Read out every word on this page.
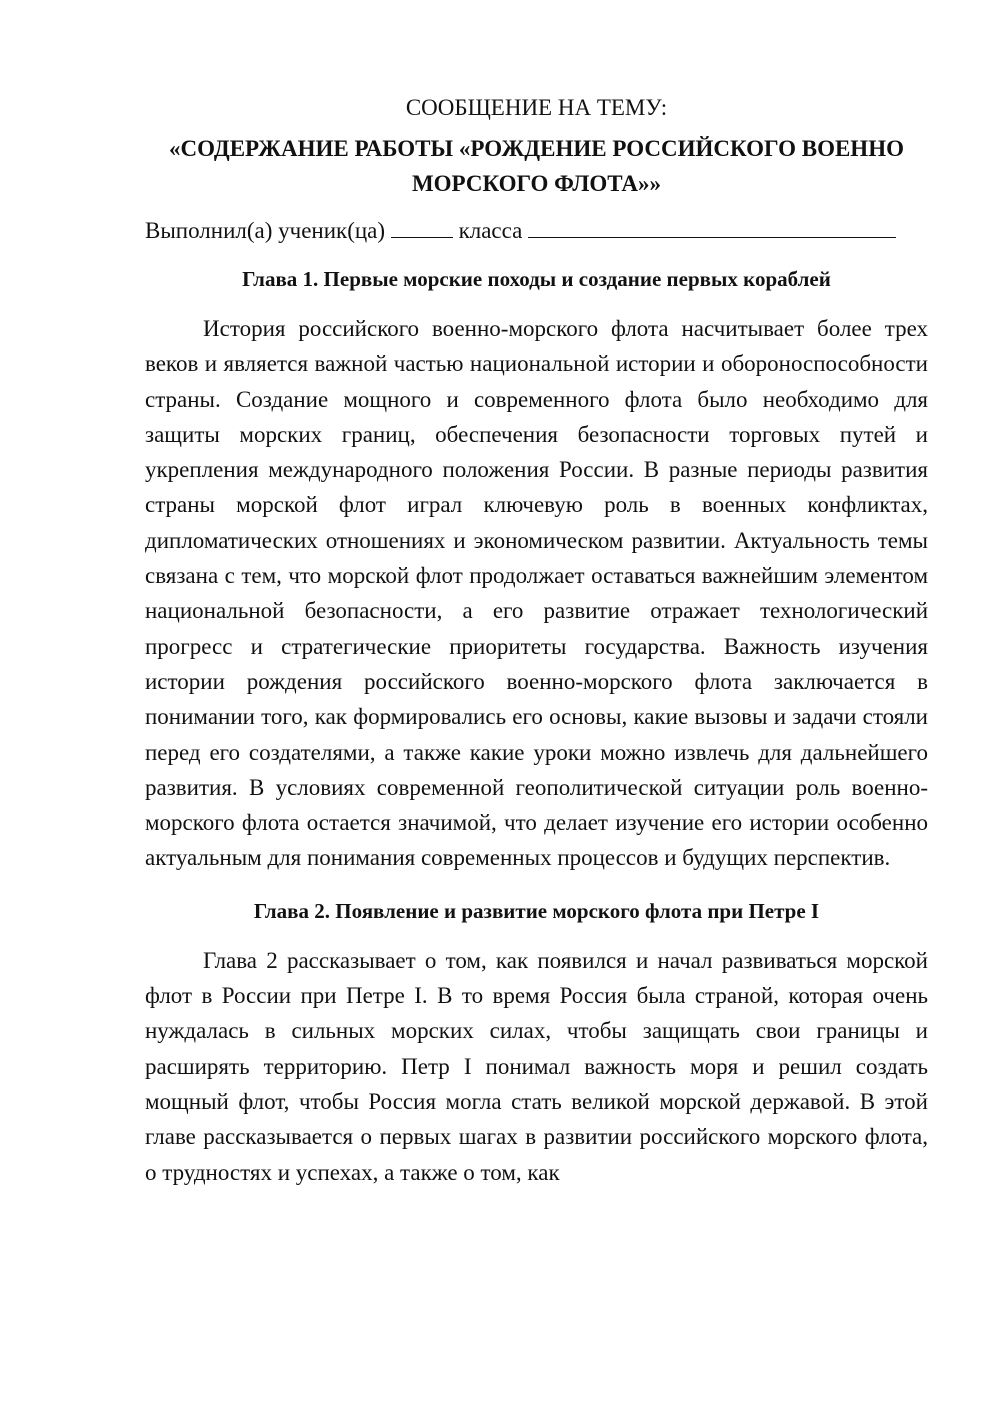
СООБЩЕНИЕ НА ТЕМУ:

«СОДЕРЖАНИЕ РАБОТЫ «РОЖДЕНИЕ РОССИЙСКОГО ВОЕННО МОРСКОГО ФЛОТА»»

Выполнил(а) ученик(ца)	класса

Глава 1. Первые морские походы и создание первых кораблей

История российского военно-морского флота насчитывает более трех веков и является важной частью национальной истории и обороноспособности страны. Создание мощного и современного флота было необходимо для защиты морских границ, обеспечения безопасности торговых путей и укрепления международного положения России. В разные периоды развития страны морской флот играл ключевую роль в военных конфликтах, дипломатических отношениях и экономическом развитии. Актуальность темы связана с тем, что морской флот продолжает оставаться важнейшим элементом национальной безопасности, а его развитие отражает технологический прогресс и стратегические приоритеты государства. Важность изучения истории рождения российского военно-морского флота заключается в понимании того, как формировались его основы, какие вызовы и задачи стояли перед его создателями, а также какие уроки можно извлечь для дальнейшего развития. В условиях современной геополитической ситуации роль военно-морского флота остается значимой, что делает изучение его истории особенно актуальным для понимания современных процессов и будущих перспектив.

Глава 2. Появление и развитие морского флота при Петре I

Глава 2 рассказывает о том, как появился и начал развиваться морской флот в России при Петре I. В то время Россия была страной, которая очень нуждалась в сильных морских силах, чтобы защищать свои границы и расширять территорию. Петр I понимал важность моря и решил создать мощный флот, чтобы Россия могла стать великой морской державой. В этой главе рассказывается о первых шагах в развитии российского морского флота, о трудностях и успехах, а также о том, как
